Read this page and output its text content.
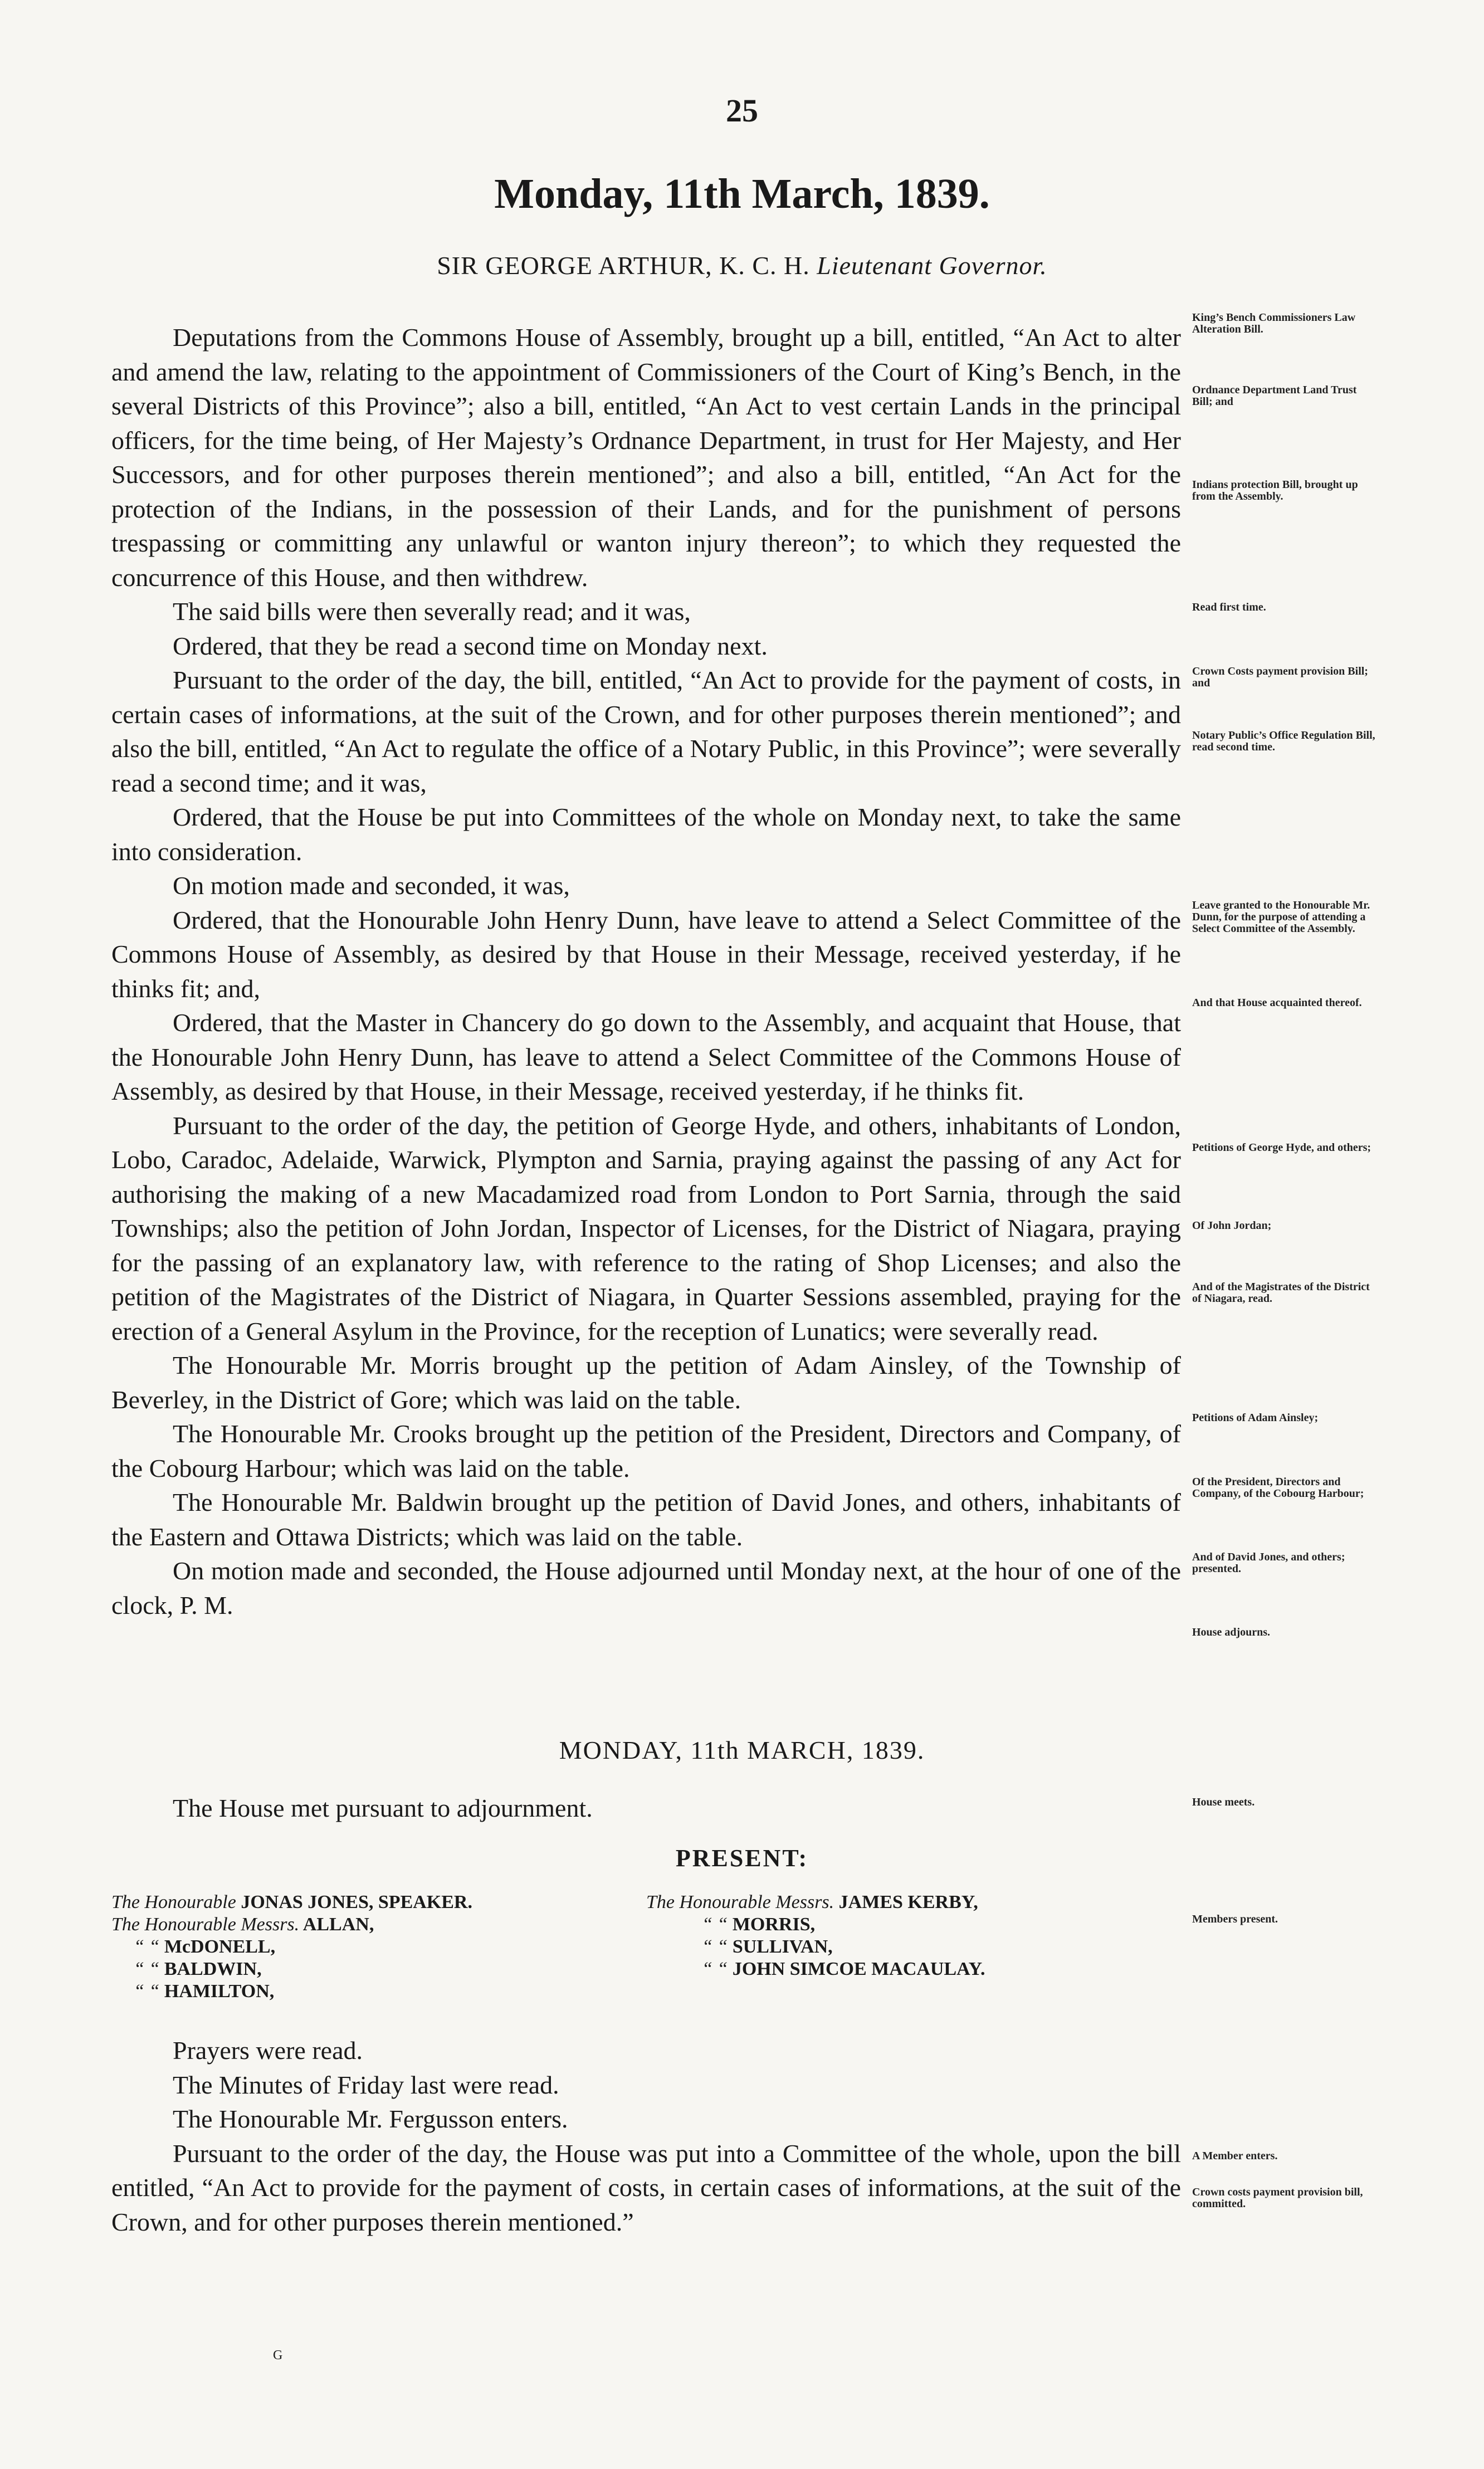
25
Monday, 11th March, 1839.
SIR GEORGE ARTHUR, K. C. H. Lieutenant Governor.

Deputations from the Commons House of Assembly, brought up a bill, entitled, “An Act to alter and amend the law, relating to the appointment of Commissioners of the Court of King’s Bench, in the several Districts of this Province”; also a bill, entitled, “An Act to vest certain Lands in the principal officers, for the time being, of Her Majesty’s Ordnance Department, in trust for Her Majesty, and Her Successors, and for other purposes therein mentioned”; and also a bill, entitled, “An Act for the protection of the Indians, in the possession of their Lands, and for the punishment of persons trespassing or committing any unlawful or wanton injury thereon”; to which they requested the concurrence of this House, and then withdrew.

The said bills were then severally read; and it was,

Ordered, that they be read a second time on Monday next.

Pursuant to the order of the day, the bill, entitled, “An Act to provide for the payment of costs, in certain cases of informations, at the suit of the Crown, and for other purposes therein mentioned”; and also the bill, entitled, “An Act to regulate the office of a Notary Public, in this Province”; were severally read a second time; and it was,

Ordered, that the House be put into Committees of the whole on Monday next, to take the same into consideration.

On motion made and seconded, it was,

Ordered, that the Honourable John Henry Dunn, have leave to attend a Select Committee of the Commons House of Assembly, as desired by that House in their Message, received yesterday, if he thinks fit; and,

Ordered, that the Master in Chancery do go down to the Assembly, and acquaint that House, that the Honourable John Henry Dunn, has leave to attend a Select Committee of the Commons House of Assembly, as desired by that House, in their Message, received yesterday, if he thinks fit.

Pursuant to the order of the day, the petition of George Hyde, and others, inhabitants of London, Lobo, Caradoc, Adelaide, Warwick, Plympton and Sarnia, praying against the passing of any Act for authorising the making of a new Macadamized road from London to Port Sarnia, through the said Townships; also the petition of John Jordan, Inspector of Licenses, for the District of Niagara, praying for the passing of an explanatory law, with reference to the rating of Shop Licenses; and also the petition of the Magistrates of the District of Niagara, in Quarter Sessions assembled, praying for the erection of a General Asylum in the Province, for the reception of Lunatics; were severally read.

The Honourable Mr. Morris brought up the petition of Adam Ainsley, of the Township of Beverley, in the District of Gore; which was laid on the table.

The Honourable Mr. Crooks brought up the petition of the President, Directors and Company, of the Cobourg Harbour; which was laid on the table.

The Honourable Mr. Baldwin brought up the petition of David Jones, and others, inhabitants of the Eastern and Ottawa Districts; which was laid on the table.

On motion made and seconded, the House adjourned until Monday next, at the hour of one of the clock, P. M.

MONDAY, 11th MARCH, 1839.

The House met pursuant to adjournment.

PRESENT:
The Honourable JONAS JONES, SPEAKER.
The Honourable Messrs. ALLAN,
“ “ McDONELL,
“ “ BALDWIN,
“ “ HAMILTON,
The Honourable Messrs. JAMES KERBY,
“ “ MORRIS,
“ “ SULLIVAN,
“ “ JOHN SIMCOE MACAULAY.

Prayers were read.

The Minutes of Friday last were read.

The Honourable Mr. Fergusson enters.

Pursuant to the order of the day, the House was put into a Committee of the whole, upon the bill entitled, “An Act to provide for the payment of costs, in certain cases of informations, at the suit of the Crown, and for other purposes therein mentioned.”

G
King’s Bench Commissioners Law Alteration Bill.
Ordnance Department Land Trust Bill; and
Indians protection Bill, brought up from the Assembly.
Read first time.
Crown Costs payment provision Bill; and
Notary Public’s Office Regulation Bill, read second time.
Leave granted to the Honourable Mr. Dunn, for the purpose of attending a Select Committee of the Assembly.
And that House acquainted thereof.
Petitions of George Hyde, and others;
Of John Jordan;
And of the Magistrates of the District of Niagara, read.
Petitions of Adam Ainsley;
Of the President, Directors and Company, of the Cobourg Harbour;
And of David Jones, and others; presented.
House adjourns.
House meets.
Members present.
A Member enters.
Crown costs payment provision bill, committed.
